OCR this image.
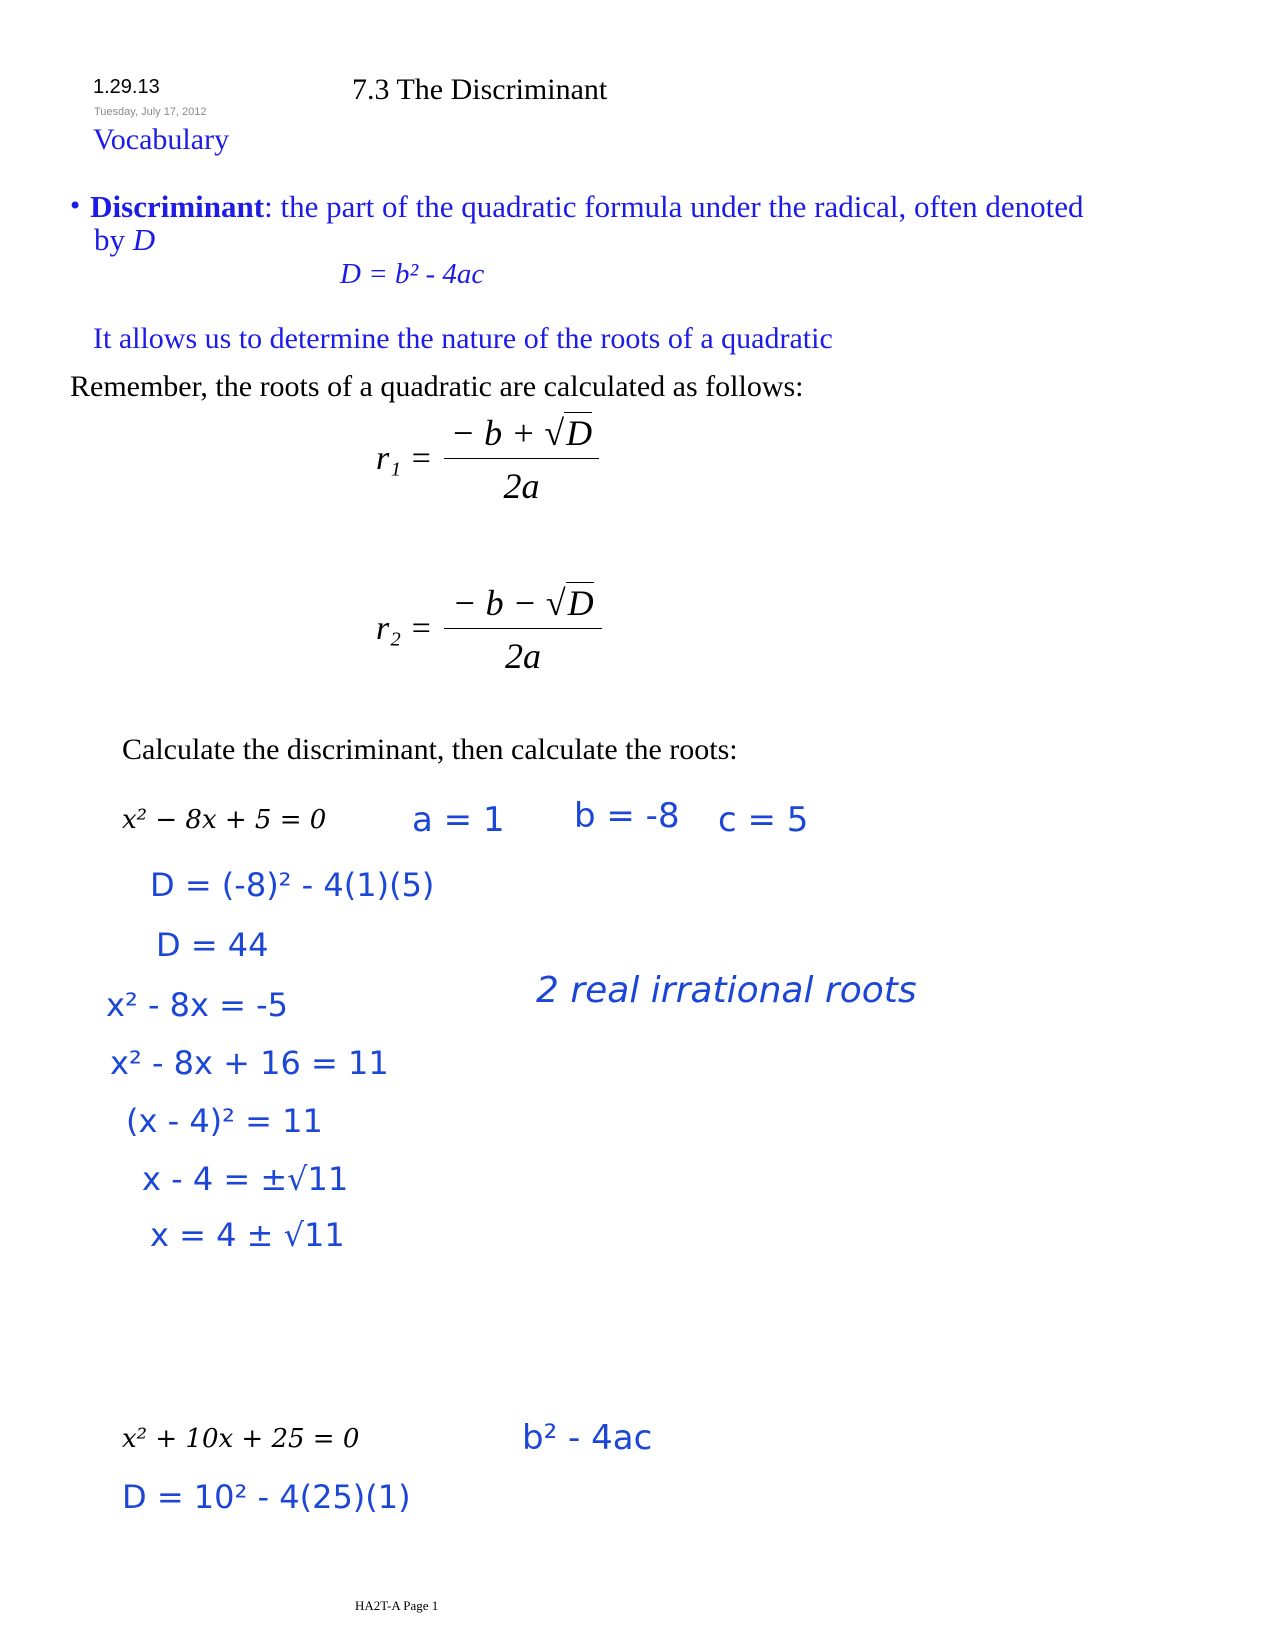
1.29.13
Tuesday, July 17, 2012
7.3 The Discriminant
Vocabulary
• Discriminant: the part of the quadratic formula under the radical, often denoted
by D
D = b² - 4ac
It allows us to determine the nature of the roots of a quadratic
Remember, the roots of a quadratic are calculated as follows:
$r_1 = \frac{- b + √D}{2a}$
$r_2 = \frac{- b - √D}{2a}$
Calculate the discriminant, then calculate the roots:
x² − 8x + 5 = 0	a = 1 b = -8 c = 5
D = (-8)² - 4(1)(5)
D = 44
x² - 8x = -5
x² - 8x + 16 = 11
(x - 4)² = 11
x - 4 = ±√11
x = 4 ± √11
2 real irrational roots
x² + 10x + 25 = 0	b² - 4ac
D = 10² - 4(25)(1)
HA2T-A Page 1
